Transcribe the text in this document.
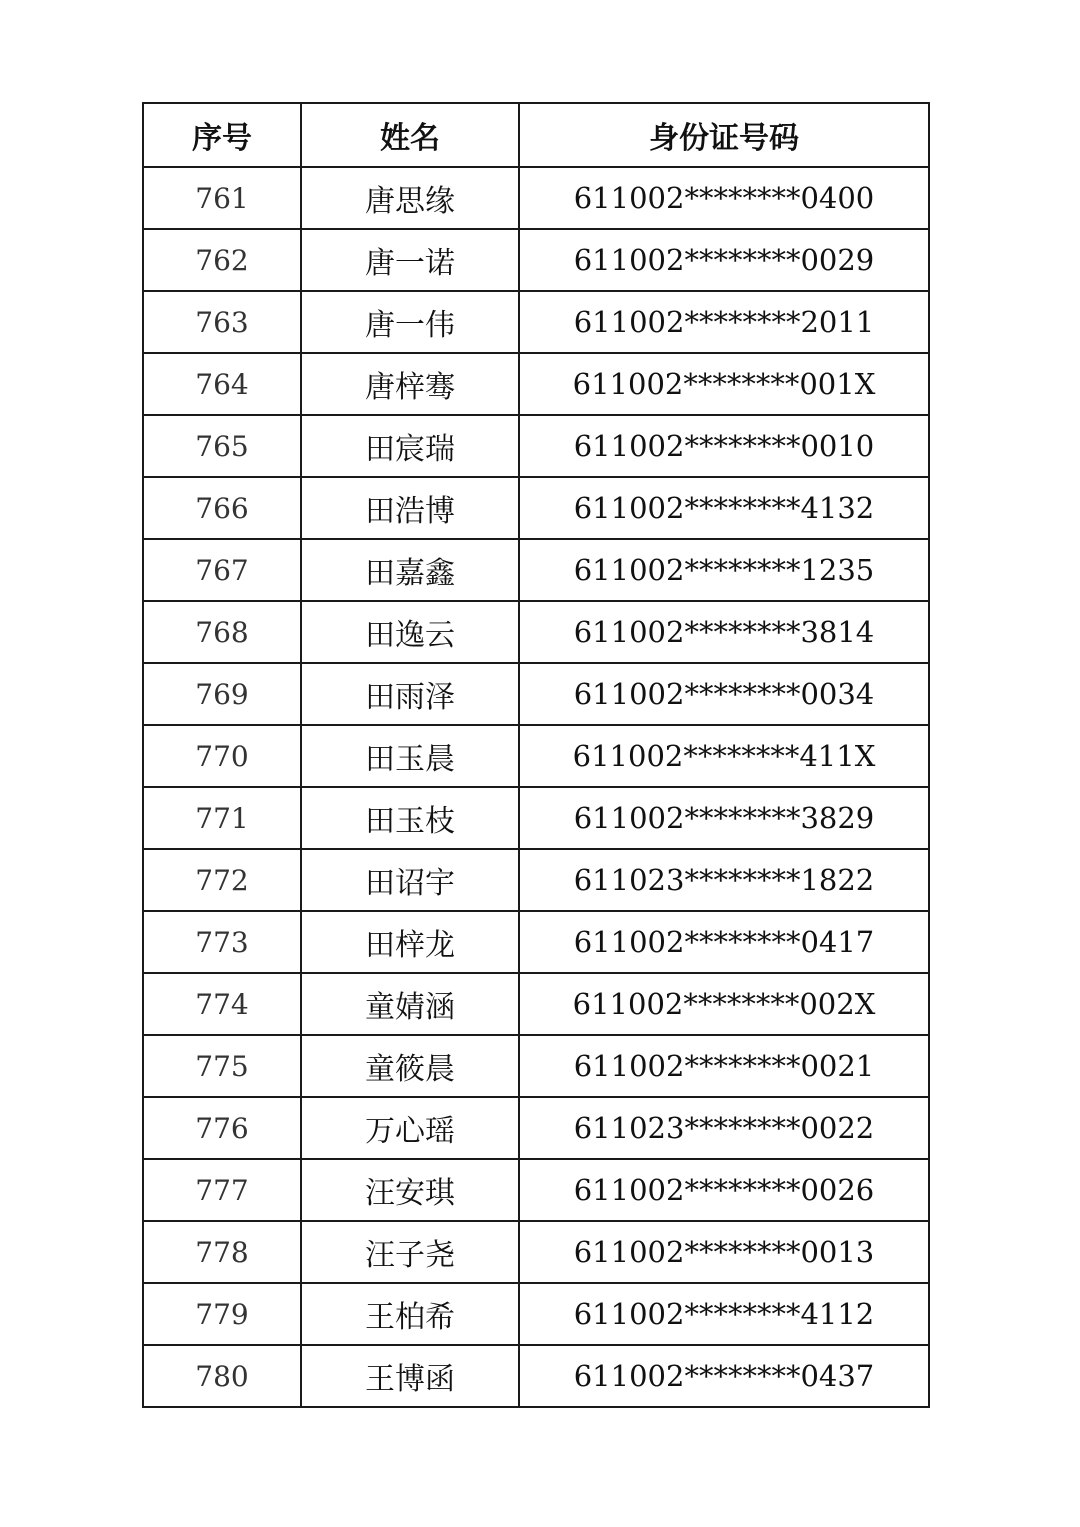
序号	姓名	身份证号码
761	唐思缘	611002********0400
762	唐一诺	611002********0029
763	唐一伟	611002********2011
764	唐梓骞	611002********001X
765	田宸瑞	611002********0010
766	田浩博	611002********4132
767	田嘉鑫	611002********1235
768	田逸云	611002********3814
769	田雨泽	611002********0034
770	田玉晨	611002********411X
771	田玉枝	611002********3829
772	田诏宇	611023********1822
773	田梓龙	611002********0417
774	童婧涵	611002********002X
775	童筱晨	611002********0021
776	万心瑶	611023********0022
777	汪安琪	611002********0026
778	汪子尧	611002********0013
779	王柏希	611002********4112
780	王博函	611002********0437
